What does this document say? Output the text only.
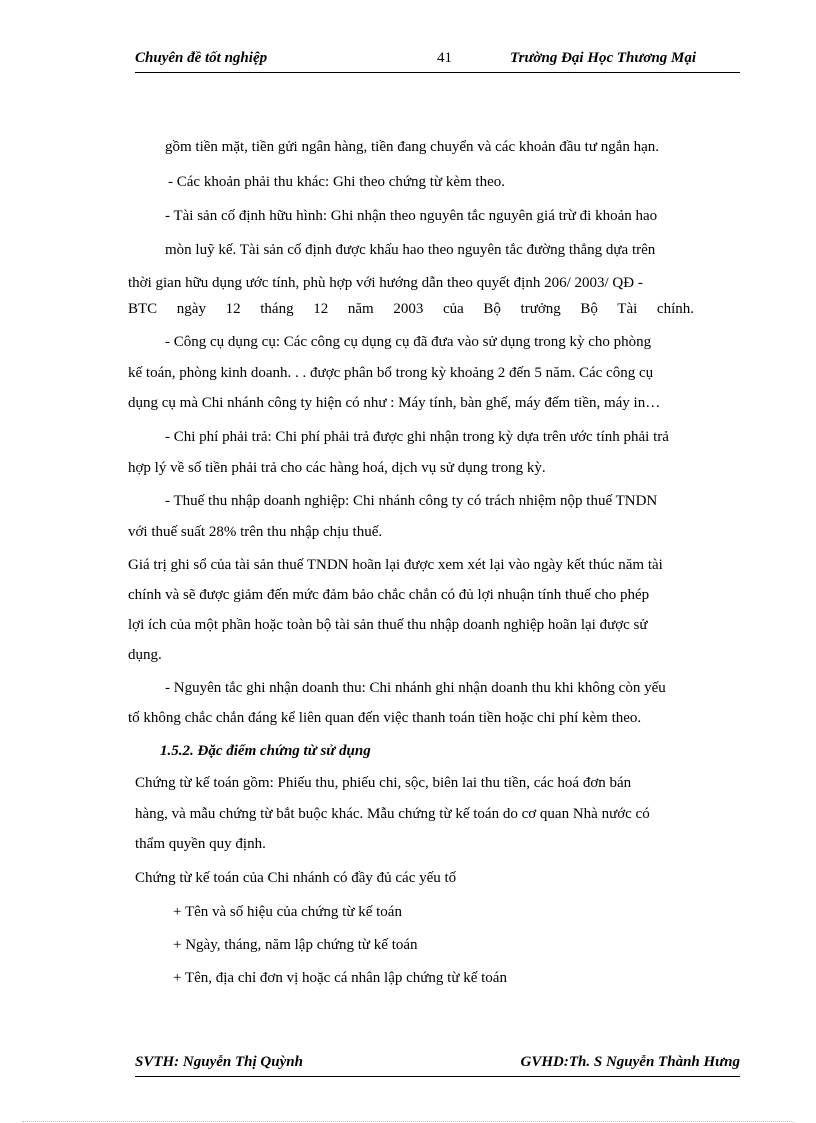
Chuyên đề tốt nghiệp	41	Trường Đại Học Thương Mại
gồm tiền mặt, tiền gửi ngân hàng, tiền đang chuyển và các khoản đầu tư ngắn hạn.
- Các khoản phải thu khác: Ghi theo chứng từ kèm theo.
- Tài sản cố định hữu hình: Ghi nhận theo nguyên tắc nguyên giá trừ đi khoản hao
mòn luỹ kế. Tài sản cố định được khấu hao theo nguyên tắc đường thẳng dựa trên
thời gian hữu dụng ước tính, phù hợp với hướng dẫn theo quyết định 206/ 2003/ QĐ -
BTC ngày 12 tháng 12 năm 2003 của Bộ trưởng Bộ Tài chính.
- Công cụ dụng cụ: Các công cụ dụng cụ đã đưa vào sử dụng trong kỳ cho phòng
kế toán, phòng kinh doanh. . . được phân bổ trong kỳ khoảng 2 đến 5 năm. Các công cụ
dụng cụ mà Chi nhánh công ty hiện có như : Máy tính, bàn ghế, máy đếm tiền, máy in…
- Chi phí phải trả: Chi phí phải trả được ghi nhận trong kỳ dựa trên ước tính phải trả
hợp lý về số tiền phải trả cho các hàng hoá, dịch vụ sử dụng trong kỳ.
- Thuế thu nhập doanh nghiệp: Chi nhánh công ty có trách nhiệm nộp thuế TNDN
với thuế suất 28% trên thu nhập chịu thuế.
Giá trị ghi sổ của tài sản thuế TNDN hoãn lại được xem xét lại vào ngày kết thúc năm tài
chính và sẽ được giảm đến mức đảm bảo chắc chắn có đủ lợi nhuận tính thuế cho phép
lợi ích của một phần hoặc toàn bộ tài sản thuế thu nhập doanh nghiệp hoãn lại được sử
dụng.
- Nguyên tắc ghi nhận doanh thu: Chi nhánh ghi nhận doanh thu khi không còn yếu
tố không chắc chắn đáng kể liên quan đến việc thanh toán tiền hoặc chi phí kèm theo.
1.5.2. Đặc điểm chứng từ sử dụng
Chứng từ kế toán gồm: Phiếu thu, phiếu chi, sộc, biên lai thu tiền, các hoá đơn bán
hàng, và mẫu chứng từ bắt buộc khác. Mẫu chứng từ kế toán do cơ quan Nhà nước có
thẩm quyền quy định.
Chứng từ kế toán của Chi nhánh có đầy đủ các yếu tố
+ Tên và số hiệu của chứng từ kế toán
+ Ngày, tháng, năm lập chứng từ kế toán
+ Tên, địa chỉ đơn vị hoặc cá nhân lập chứng từ kế toán
SVTH: Nguyễn Thị Quỳnh	GVHD:Th. S Nguyễn Thành Hưng
